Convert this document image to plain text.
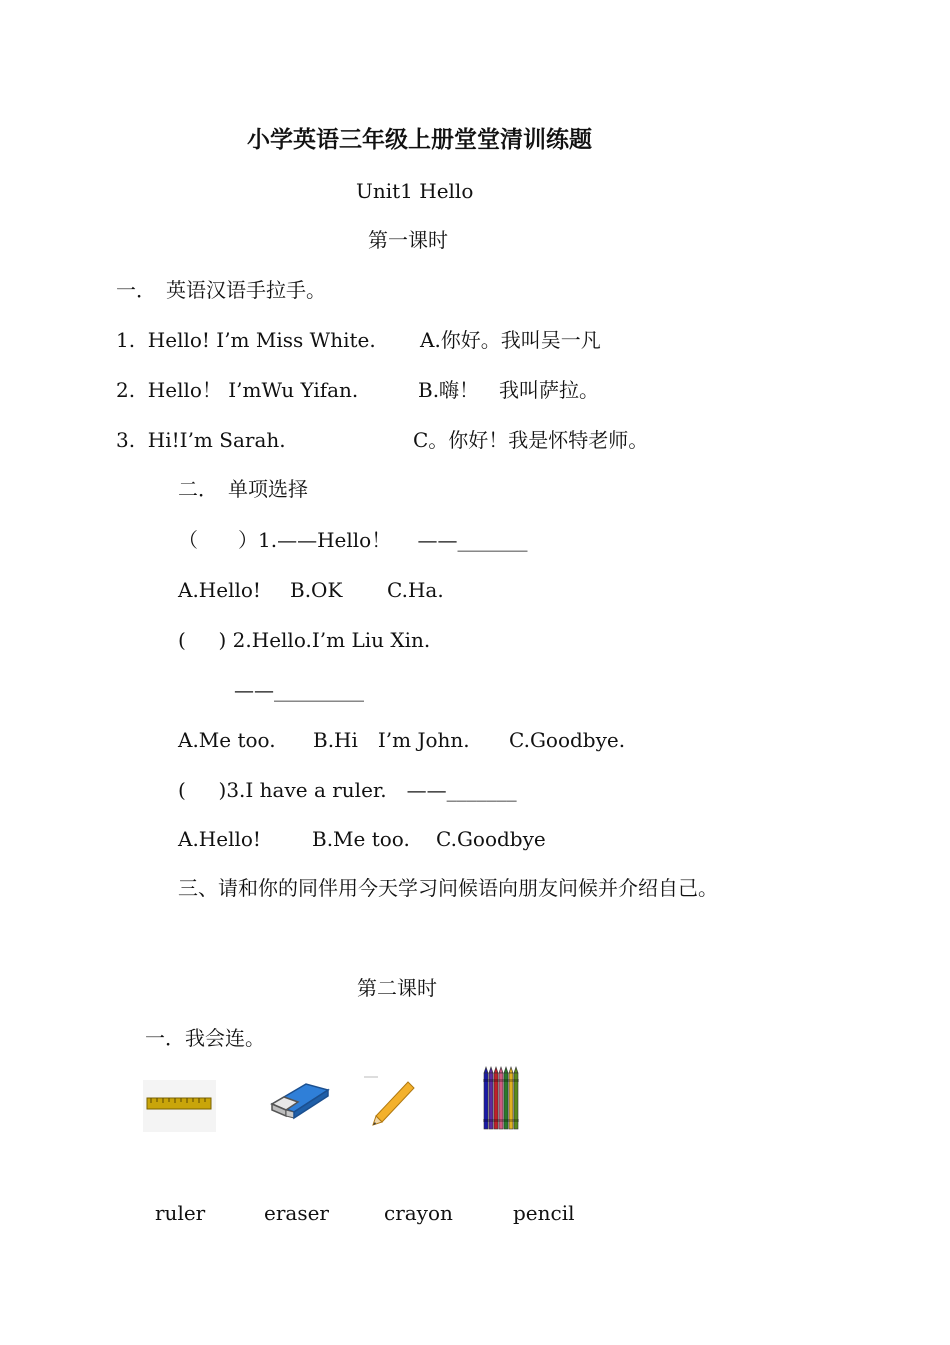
小学英语三年级上册堂堂清训练题
Unit1 Hello
第一课时
一．　英语汉语手拉手。
1.  Hello! I’m Miss White. A.你好。我叫吴一凡
2.  Hello！ I’mWu Yifan.	B.嗨！　我叫萨拉。
3.  Hi!I’m Sarah.	C。你好！我是怀特老师。
二．　单项选择
（　　）1.——Hello！　 ——_______
A.Hello! B.OK C.Ha.
(　  ) 2.Hello.I’m Liu Xin.
——_________
A.Me too. B.Hi　I’m John. C.Goodbye.
(　  )3.I have a ruler.　——_______
A.Hello!	B.Me too. C.Goodbye
三、请和你的同伴用今天学习问候语向朋友问候并介绍自己。
第二课时
一．我会连。
ruler	eraser	crayon	pencil
